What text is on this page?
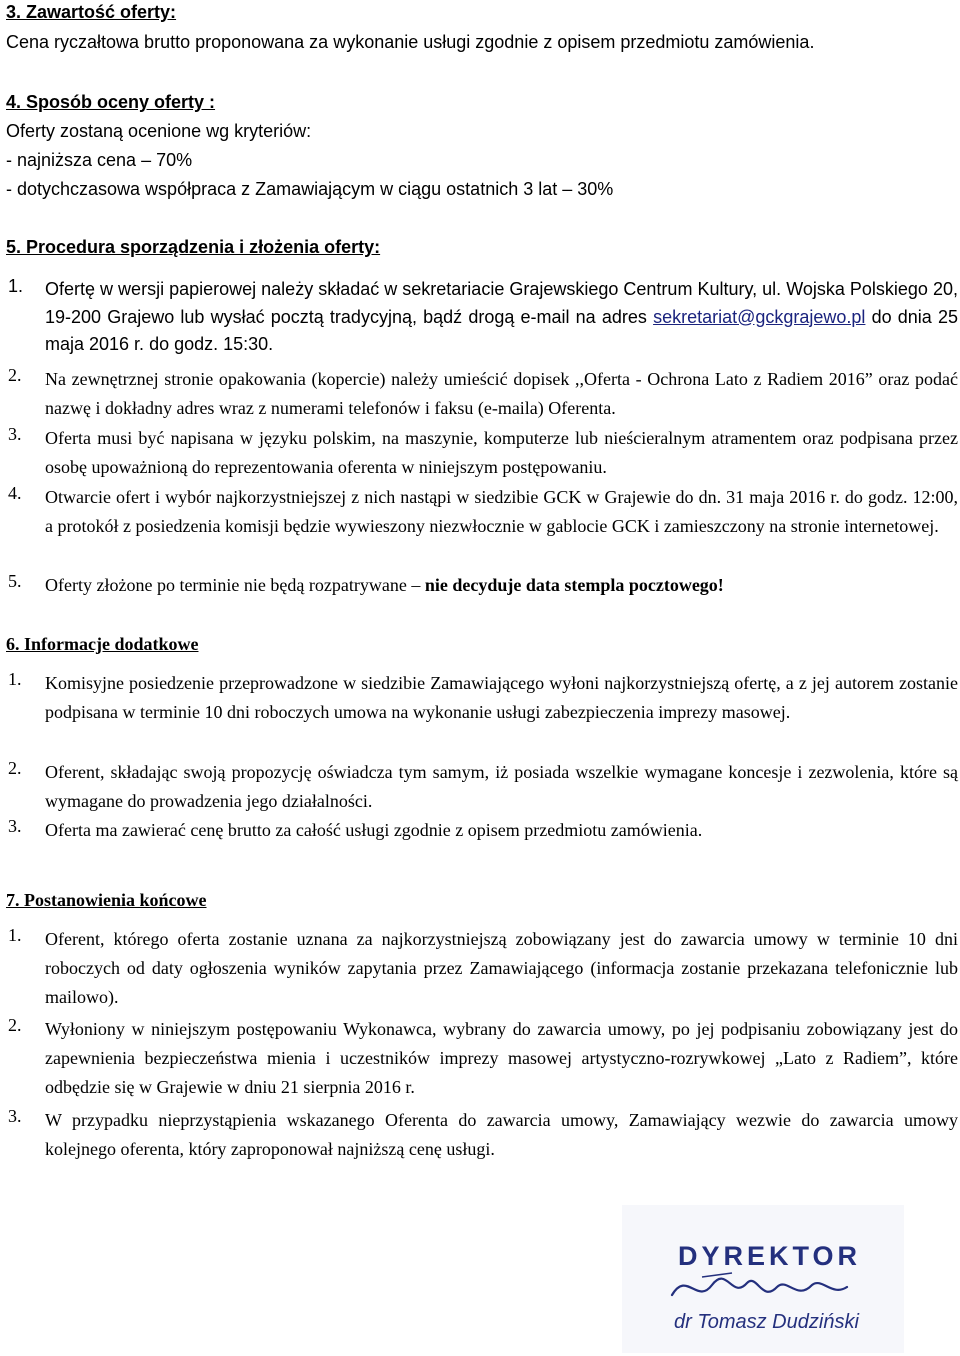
3. Zawartość oferty:
Cena ryczałtowa brutto proponowana za wykonanie usługi zgodnie z opisem przedmiotu zamówienia.
4. Sposób oceny oferty :
Oferty zostaną ocenione wg kryteriów:
- najniższa cena – 70%
- dotychczasowa współpraca z Zamawiającym w ciągu ostatnich 3 lat – 30%
5. Procedura sporządzenia i złożenia oferty:
1. Ofertę w wersji papierowej należy składać w sekretariacie Grajewskiego Centrum Kultury, ul. Wojska Polskiego 20, 19-200 Grajewo lub wysłać pocztą tradycyjną, bądź drogą e-mail na adres sekretariat@gckgrajewo.pl do dnia 25 maja 2016 r. do godz. 15:30.
2. Na zewnętrznej stronie opakowania (kopercie) należy umieścić dopisek ,,Oferta - Ochrona Lato z Radiem 2016” oraz podać nazwę i dokładny adres wraz z numerami telefonów i faksu (e-maila) Oferenta.
3. Oferta musi być napisana w języku polskim, na maszynie, komputerze lub nieścieralnym atramentem oraz podpisana przez osobę upoważnioną do reprezentowania oferenta w niniejszym postępowaniu.
4. Otwarcie ofert i wybór najkorzystniejszej z nich nastąpi w siedzibie GCK w Grajewie do dn. 31 maja 2016 r. do godz. 12:00, a protokół z posiedzenia komisji będzie wywieszony niezwłocznie w gablocie GCK i zamieszczony na stronie internetowej.
5. Oferty złożone po terminie nie będą rozpatrywane – nie decyduje data stempla pocztowego!
6. Informacje dodatkowe
1. Komisyjne posiedzenie przeprowadzone w siedzibie Zamawiającego wyłoni najkorzystniejszą ofertę, a z jej autorem zostanie podpisana w terminie 10 dni roboczych umowa na wykonanie usługi zabezpieczenia imprezy masowej.
2. Oferent, składając swoją propozycję oświadcza tym samym, iż posiada wszelkie wymagane koncesje i zezwolenia, które są wymagane do prowadzenia jego działalności.
3. Oferta ma zawierać cenę brutto za całość usługi zgodnie z opisem przedmiotu zamówienia.
7. Postanowienia końcowe
1. Oferent, którego oferta zostanie uznana za najkorzystniejszą zobowiązany jest do zawarcia umowy w terminie 10 dni roboczych od daty ogłoszenia wyników zapytania przez Zamawiającego (informacja zostanie przekazana telefonicznie lub mailowo).
2. Wyłoniony w niniejszym postępowaniu Wykonawca, wybrany do zawarcia umowy, po jej podpisaniu zobowiązany jest do zapewnienia bezpieczeństwa mienia i uczestników imprezy masowej artystyczno-rozrywkowej „Lato z Radiem”, które odbędzie się w Grajewie w dniu 21 sierpnia 2016 r.
3. W przypadku nieprzystąpienia wskazanego Oferenta do zawarcia umowy, Zamawiający wezwie do zawarcia umowy kolejnego oferenta, który zaproponował najniższą cenę usługi.
DYREKTOR
dr Tomasz Dudziński
